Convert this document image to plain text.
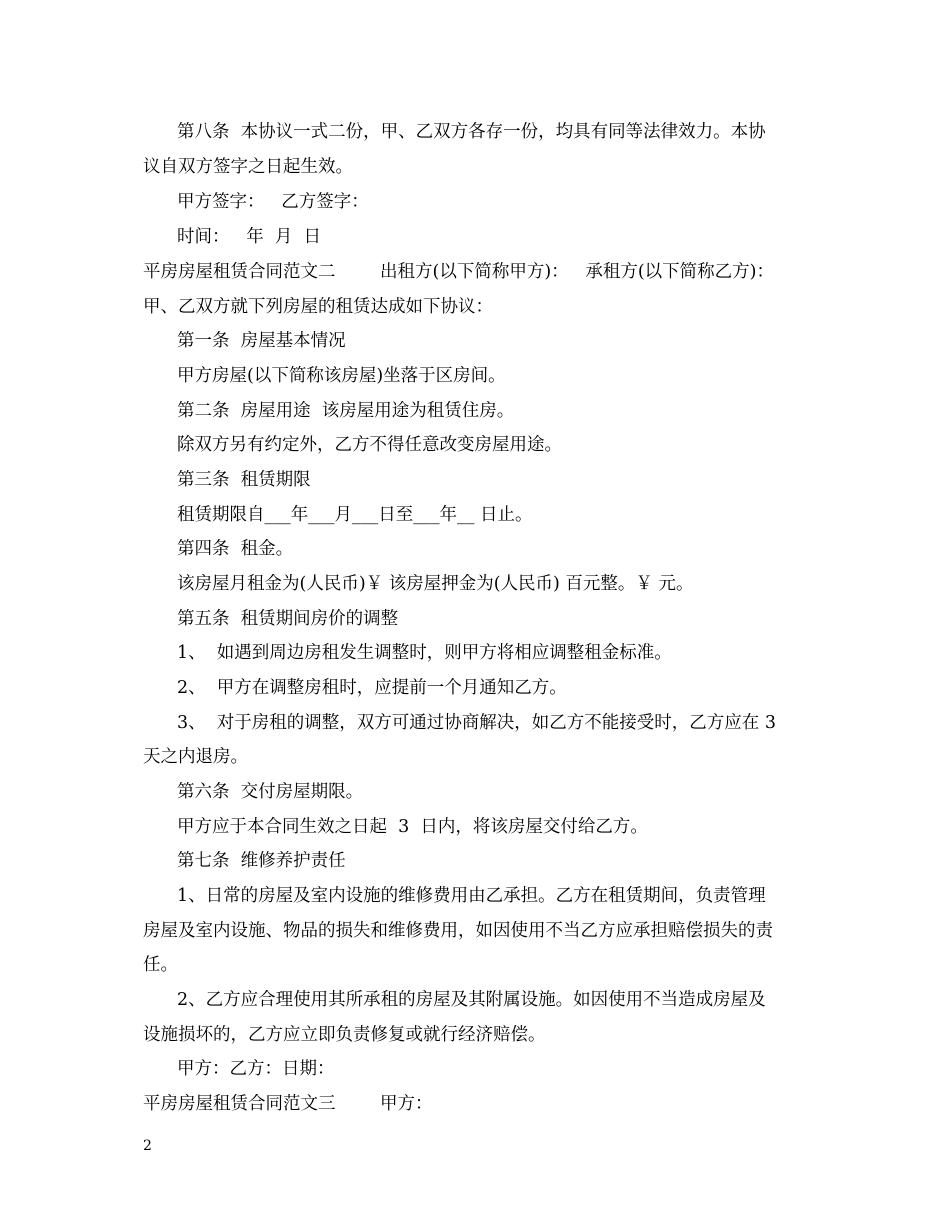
第八条  本协议一式二份，甲、乙双方各存一份，均具有同等法律效力。本协
议自双方签字之日起生效。
甲方签字：   乙方签字：
时间：   年  月  日
平房房屋租赁合同范文二        出租方(以下简称甲方)：   承租方(以下简称乙方)：
甲、乙双方就下列房屋的租赁达成如下协议：
第一条  房屋基本情况
甲方房屋(以下简称该房屋)坐落于区房间。
第二条  房屋用途  该房屋用途为租赁住房。
除双方另有约定外，乙方不得任意改变房屋用途。
第三条  租赁期限
租赁期限自___年___月___日至___年__ 日止。
第四条  租金。
该房屋月租金为(人民币)￥ 该房屋押金为(人民币) 百元整。￥ 元。
第五条  租赁期间房价的调整
1、  如遇到周边房租发生调整时，则甲方将相应调整租金标准。
2、  甲方在调整房租时，应提前一个月通知乙方。
3、  对于房租的调整，双方可通过协商解决，如乙方不能接受时，乙方应在 3
天之内退房。
第六条  交付房屋期限。
甲方应于本合同生效之日起  3  日内，将该房屋交付给乙方。
第七条  维修养护责任
1、日常的房屋及室内设施的维修费用由乙承担。乙方在租赁期间，负责管理
房屋及室内设施、物品的损失和维修费用，如因使用不当乙方应承担赔偿损失的责
任。
2、乙方应合理使用其所承租的房屋及其附属设施。如因使用不当造成房屋及
设施损坏的，乙方应立即负责修复或就行经济赔偿。
甲方：乙方：日期：
平房房屋租赁合同范文三        甲方：
2
